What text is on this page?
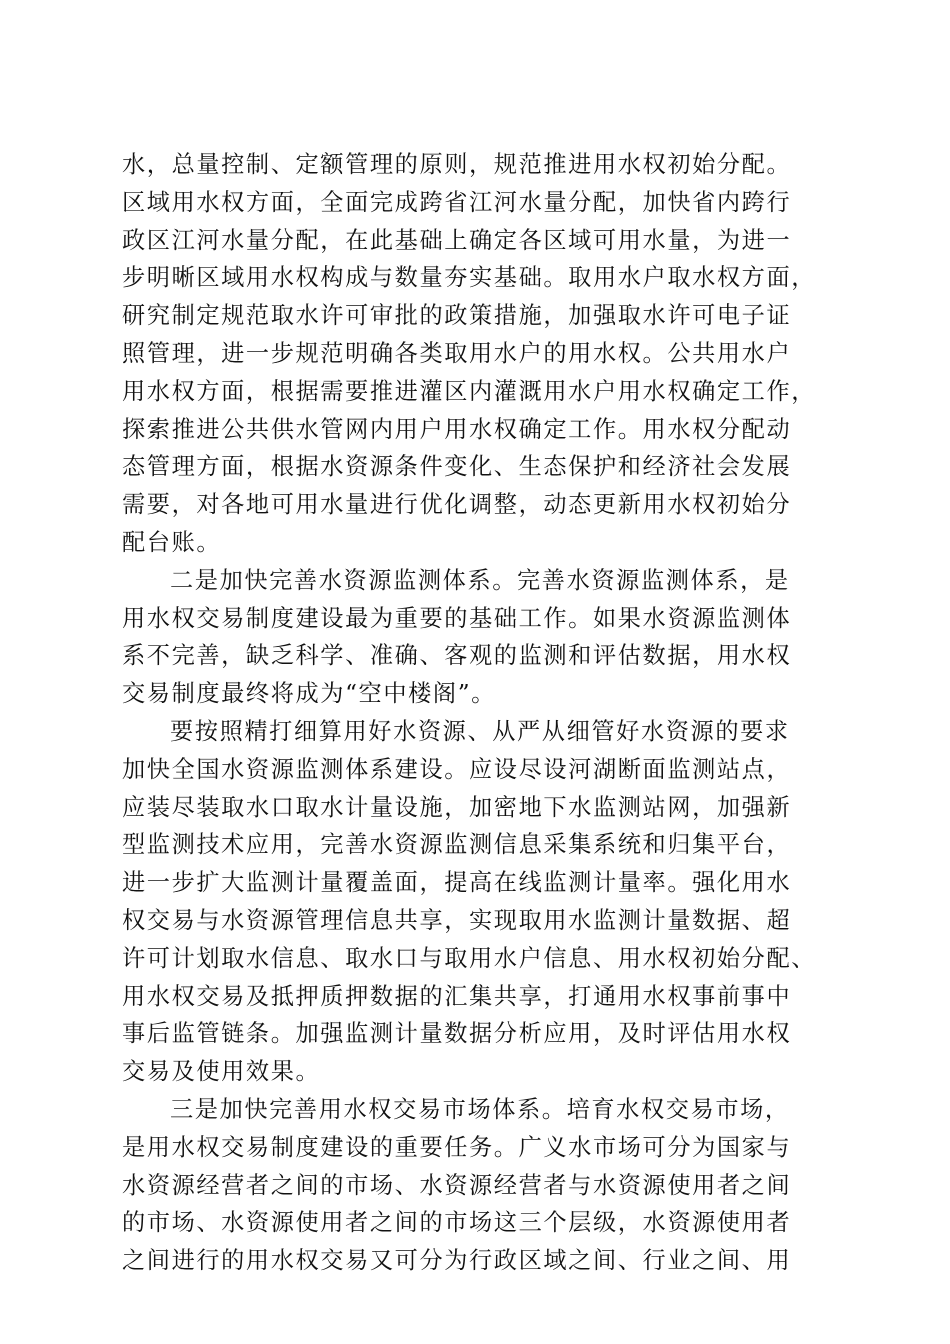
水，总量控制、定额管理的原则，规范推进用水权初始分配。
区域用水权方面，全面完成跨省江河水量分配，加快省内跨行
政区江河水量分配，在此基础上确定各区域可用水量，为进一
步明晰区域用水权构成与数量夯实基础。取用水户取水权方面，
研究制定规范取水许可审批的政策措施，加强取水许可电子证
照管理，进一步规范明确各类取用水户的用水权。公共用水户
用水权方面，根据需要推进灌区内灌溉用水户用水权确定工作，
探索推进公共供水管网内用户用水权确定工作。用水权分配动
态管理方面，根据水资源条件变化、生态保护和经济社会发展
需要，对各地可用水量进行优化调整，动态更新用水权初始分
配台账。
二是加快完善水资源监测体系。完善水资源监测体系，是
用水权交易制度建设最为重要的基础工作。如果水资源监测体
系不完善，缺乏科学、准确、客观的监测和评估数据，用水权
交易制度最终将成为“空中楼阁”。
要按照精打细算用好水资源、从严从细管好水资源的要求
加快全国水资源监测体系建设。应设尽设河湖断面监测站点，
应装尽装取水口取水计量设施，加密地下水监测站网，加强新
型监测技术应用，完善水资源监测信息采集系统和归集平台，
进一步扩大监测计量覆盖面，提高在线监测计量率。强化用水
权交易与水资源管理信息共享，实现取用水监测计量数据、超
许可计划取水信息、取水口与取用水户信息、用水权初始分配、
用水权交易及抵押质押数据的汇集共享，打通用水权事前事中
事后监管链条。加强监测计量数据分析应用，及时评估用水权
交易及使用效果。
三是加快完善用水权交易市场体系。培育水权交易市场，
是用水权交易制度建设的重要任务。广义水市场可分为国家与
水资源经营者之间的市场、水资源经营者与水资源使用者之间
的市场、水资源使用者之间的市场这三个层级，水资源使用者
之间进行的用水权交易又可分为行政区域之间、行业之间、用
